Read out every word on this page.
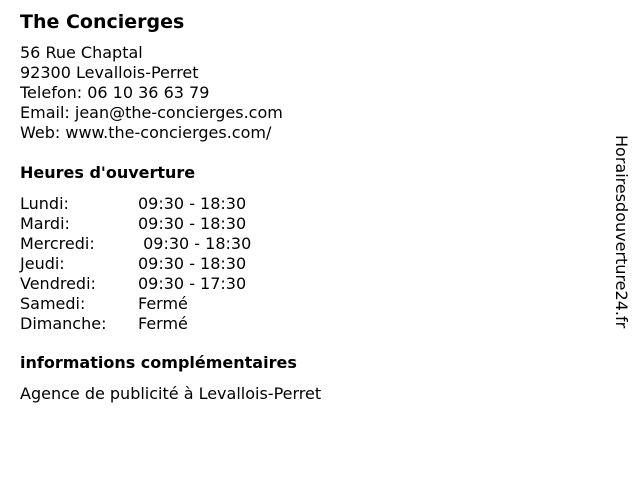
The Concierges
56 Rue Chaptal
92300 Levallois-Perret
Telefon: 06 10 36 63 79
Email: jean@the-concierges.com
Web: www.the-concierges.com/
Heures d'ouverture
Lundi:	09:30 - 18:30
Mardi:	09:30 - 18:30
Mercredi:	09:30 - 18:30
Jeudi:	09:30 - 18:30
Vendredi:	09:30 - 17:30
Samedi:	Fermé
Dimanche:	Fermé
informations complémentaires
Agence de publicité à Levallois-Perret
Horairesdouverture24.fr
